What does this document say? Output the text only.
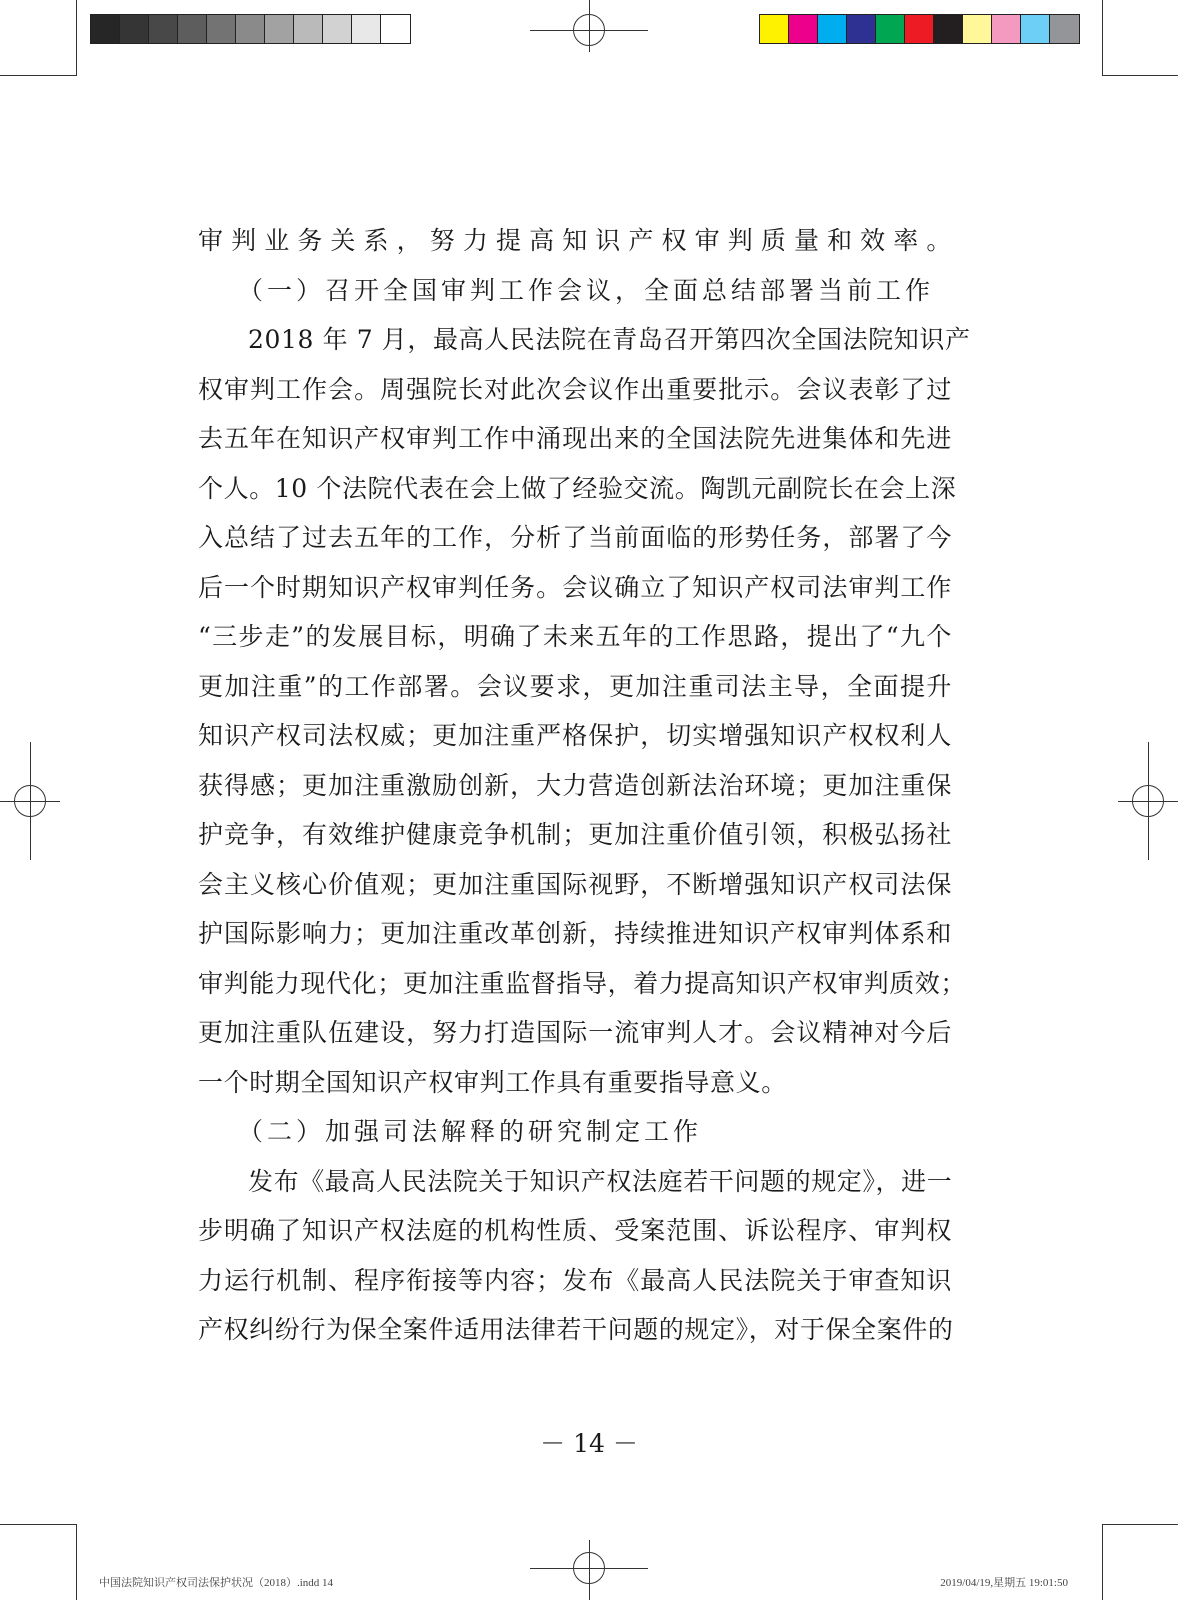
审判业务关系，努力提高知识产权审判质量和效率。
（一）召开全国审判工作会议，全面总结部署当前工作
2018 年 7 月，最高人民法院在青岛召开第四次全国法院知识产
权审判工作会。周强院长对此次会议作出重要批示。会议表彰了过
去五年在知识产权审判工作中涌现出来的全国法院先进集体和先进
个人。10 个法院代表在会上做了经验交流。陶凯元副院长在会上深
入总结了过去五年的工作，分析了当前面临的形势任务，部署了今
后一个时期知识产权审判任务。会议确立了知识产权司法审判工作
“三步走”的发展目标，明确了未来五年的工作思路，提出了“九个
更加注重”的工作部署。会议要求，更加注重司法主导，全面提升
知识产权司法权威；更加注重严格保护，切实增强知识产权权利人
获得感；更加注重激励创新，大力营造创新法治环境；更加注重保
护竞争，有效维护健康竞争机制；更加注重价值引领，积极弘扬社
会主义核心价值观；更加注重国际视野，不断增强知识产权司法保
护国际影响力；更加注重改革创新，持续推进知识产权审判体系和
审判能力现代化；更加注重监督指导，着力提高知识产权审判质效；
更加注重队伍建设，努力打造国际一流审判人才。会议精神对今后
一个时期全国知识产权审判工作具有重要指导意义。
（二）加强司法解释的研究制定工作
发布《最高人民法院关于知识产权法庭若干问题的规定》，进一
步明确了知识产权法庭的机构性质、受案范围、诉讼程序、审判权
力运行机制、程序衔接等内容；发布《最高人民法院关于审查知识
产权纠纷行为保全案件适用法律若干问题的规定》，对于保全案件的
－ 14 －
中国法院知识产权司法保护状况（2018）.indd 14	2019/04/19,星期五 19:01:50
